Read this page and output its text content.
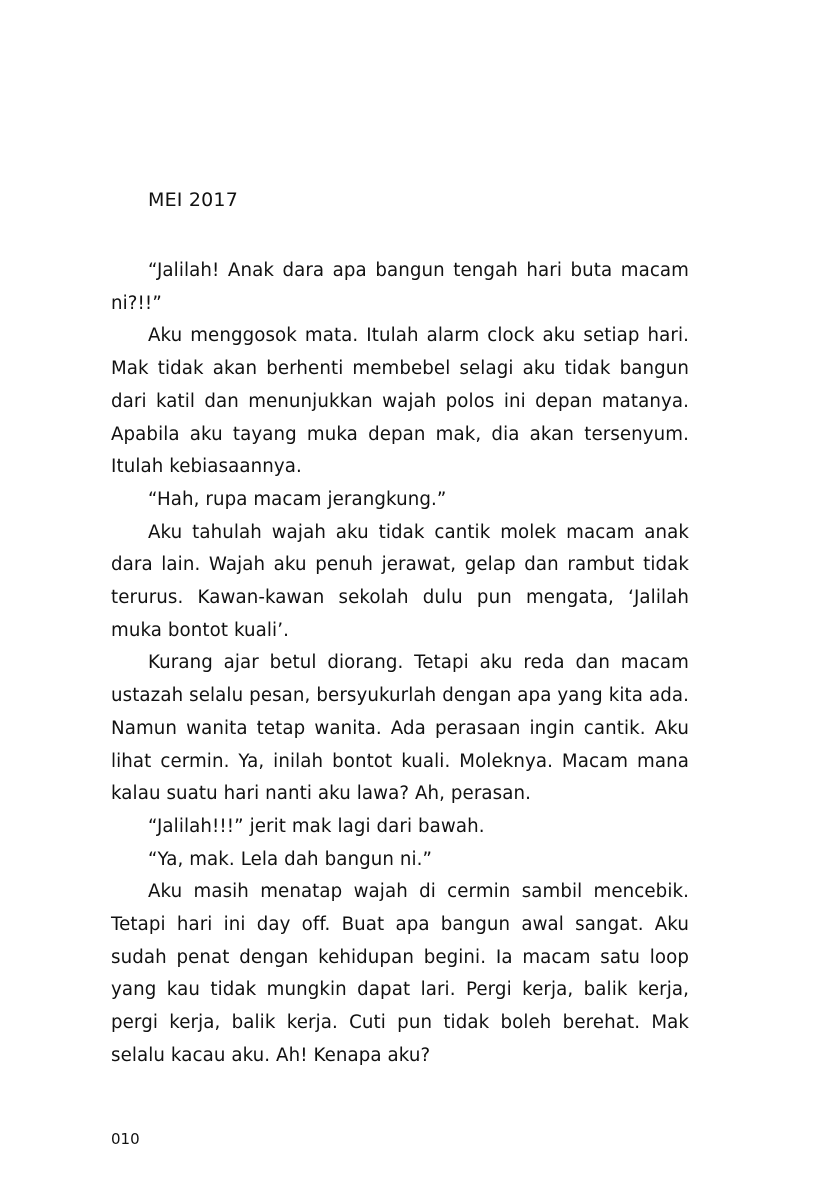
MEI 2017

“Jalilah! Anak dara apa bangun tengah hari buta macam ni?!!”

Aku menggosok mata. Itulah alarm clock aku setiap hari. Mak tidak akan berhenti membebel selagi aku tidak bangun dari katil dan menunjukkan wajah polos ini depan matanya. Apabila aku tayang muka depan mak, dia akan tersenyum. Itulah kebiasaannya.

“Hah, rupa macam jerangkung.”

Aku tahulah wajah aku tidak cantik molek macam anak dara lain. Wajah aku penuh jerawat, gelap dan rambut tidak terurus. Kawan-kawan sekolah dulu pun mengata, ‘Jalilah muka bontot kuali’.

Kurang ajar betul diorang. Tetapi aku reda dan macam ustazah selalu pesan, bersyukurlah dengan apa yang kita ada. Namun wanita tetap wanita. Ada perasaan ingin cantik. Aku lihat cermin. Ya, inilah bontot kuali. Moleknya. Macam mana kalau suatu hari nanti aku lawa? Ah, perasan.

“Jalilah!!!” jerit mak lagi dari bawah.

“Ya, mak. Lela dah bangun ni.”

Aku masih menatap wajah di cermin sambil mencebik. Tetapi hari ini day off. Buat apa bangun awal sangat. Aku sudah penat dengan kehidupan begini. Ia macam satu loop yang kau tidak mungkin dapat lari. Pergi kerja, balik kerja, pergi kerja, balik kerja. Cuti pun tidak boleh berehat. Mak selalu kacau aku. Ah! Kenapa aku?

010
